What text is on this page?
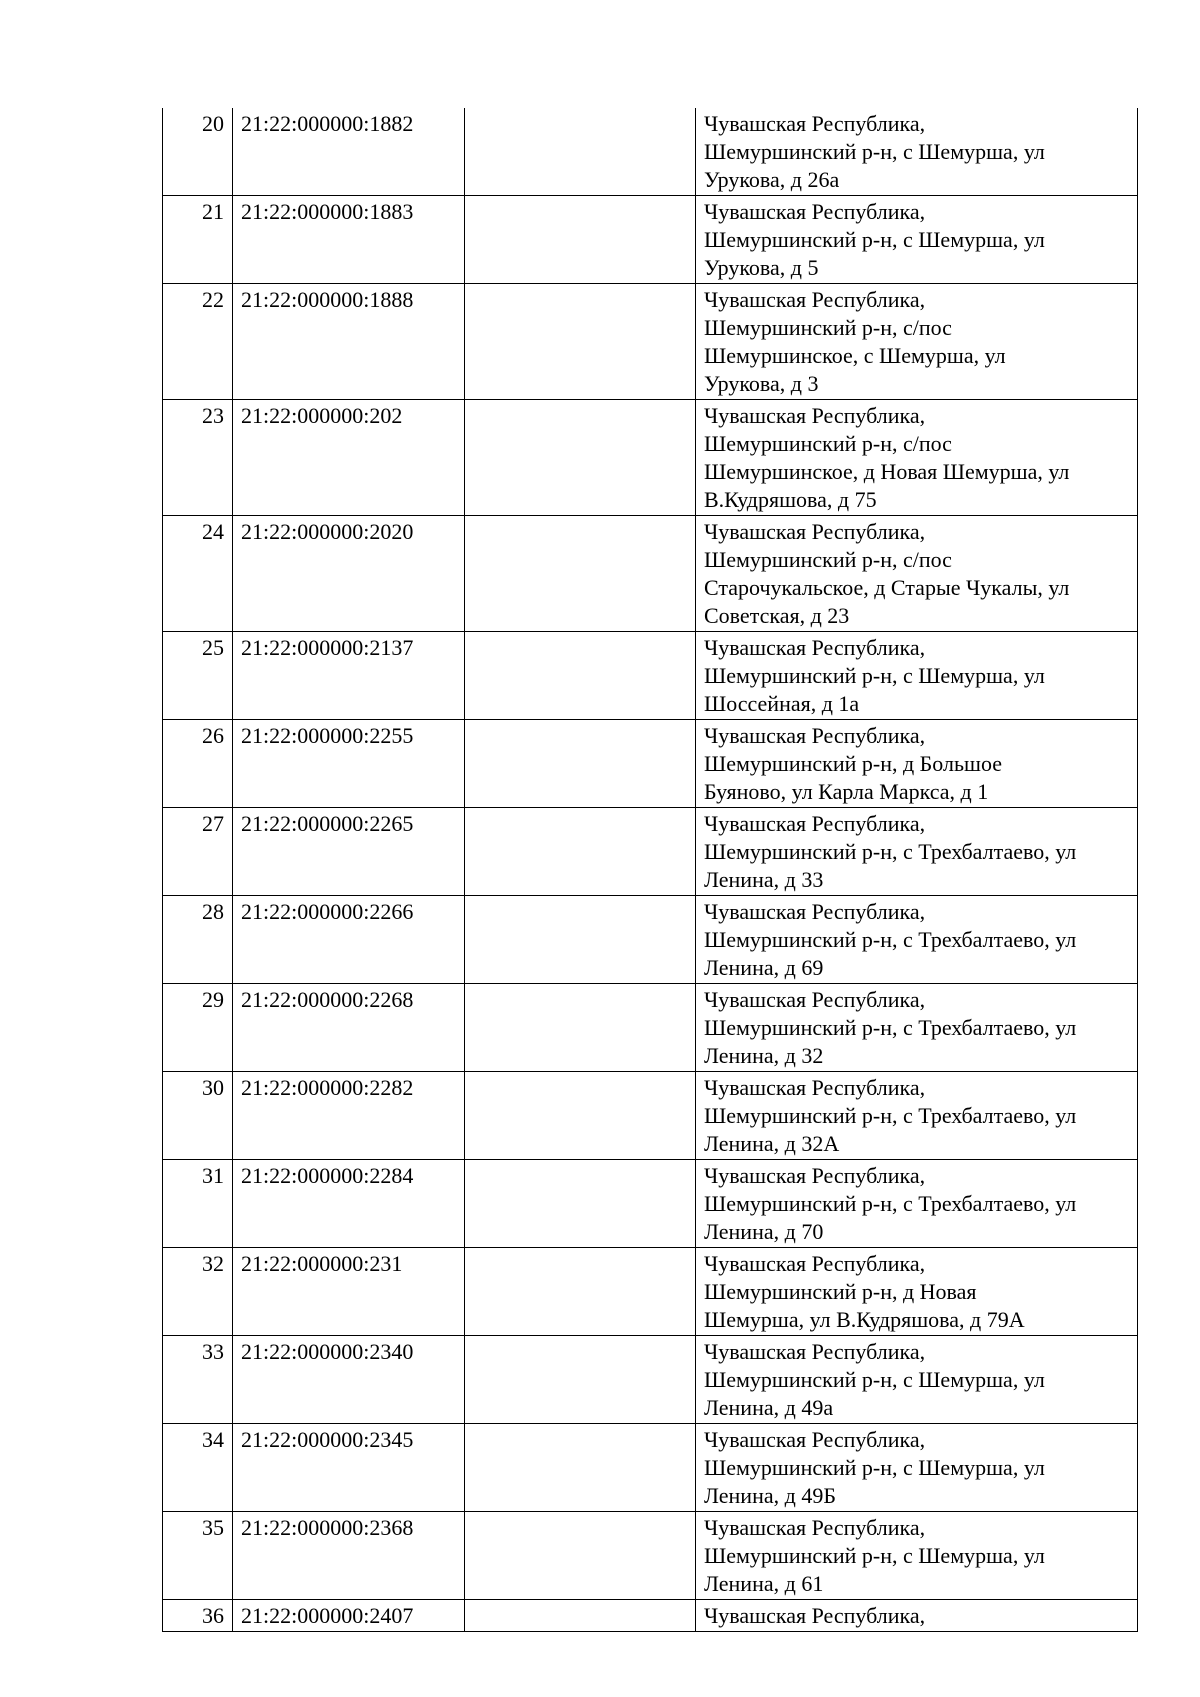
20	21:22:000000:1882		Чувашская Республика,
Шемуршинский р-н, с Шемурша, ул
Урукова, д 26а

21	21:22:000000:1883		Чувашская Республика,
Шемуршинский р-н, с Шемурша, ул
Урукова, д 5

22	21:22:000000:1888		Чувашская Республика,
Шемуршинский р-н, с/пос
Шемуршинское, с Шемурша, ул
Урукова, д 3

23	21:22:000000:202		Чувашская Республика,
Шемуршинский р-н, с/пос
Шемуршинское, д Новая Шемурша, ул
В.Кудряшова, д 75

24	21:22:000000:2020		Чувашская Республика,
Шемуршинский р-н, с/пос
Старочукальское, д Старые Чукалы, ул
Советская, д 23

25	21:22:000000:2137		Чувашская Республика,
Шемуршинский р-н, с Шемурша, ул
Шоссейная, д 1а

26	21:22:000000:2255		Чувашская Республика,
Шемуршинский р-н, д Большое
Буяново, ул Карла Маркса, д 1

27	21:22:000000:2265		Чувашская Республика,
Шемуршинский р-н, с Трехбалтаево, ул
Ленина, д 33

28	21:22:000000:2266		Чувашская Республика,
Шемуршинский р-н, с Трехбалтаево, ул
Ленина, д 69

29	21:22:000000:2268		Чувашская Республика,
Шемуршинский р-н, с Трехбалтаево, ул
Ленина, д 32

30	21:22:000000:2282		Чувашская Республика,
Шемуршинский р-н, с Трехбалтаево, ул
Ленина, д 32А

31	21:22:000000:2284		Чувашская Республика,
Шемуршинский р-н, с Трехбалтаево, ул
Ленина, д 70

32	21:22:000000:231		Чувашская Республика,
Шемуршинский р-н, д Новая
Шемурша, ул В.Кудряшова, д 79А

33	21:22:000000:2340		Чувашская Республика,
Шемуршинский р-н, с Шемурша, ул
Ленина, д 49а

34	21:22:000000:2345		Чувашская Республика,
Шемуршинский р-н, с Шемурша, ул
Ленина, д 49Б

35	21:22:000000:2368		Чувашская Республика,
Шемуршинский р-н, с Шемурша, ул
Ленина, д 61

36	21:22:000000:2407		Чувашская Республика,
